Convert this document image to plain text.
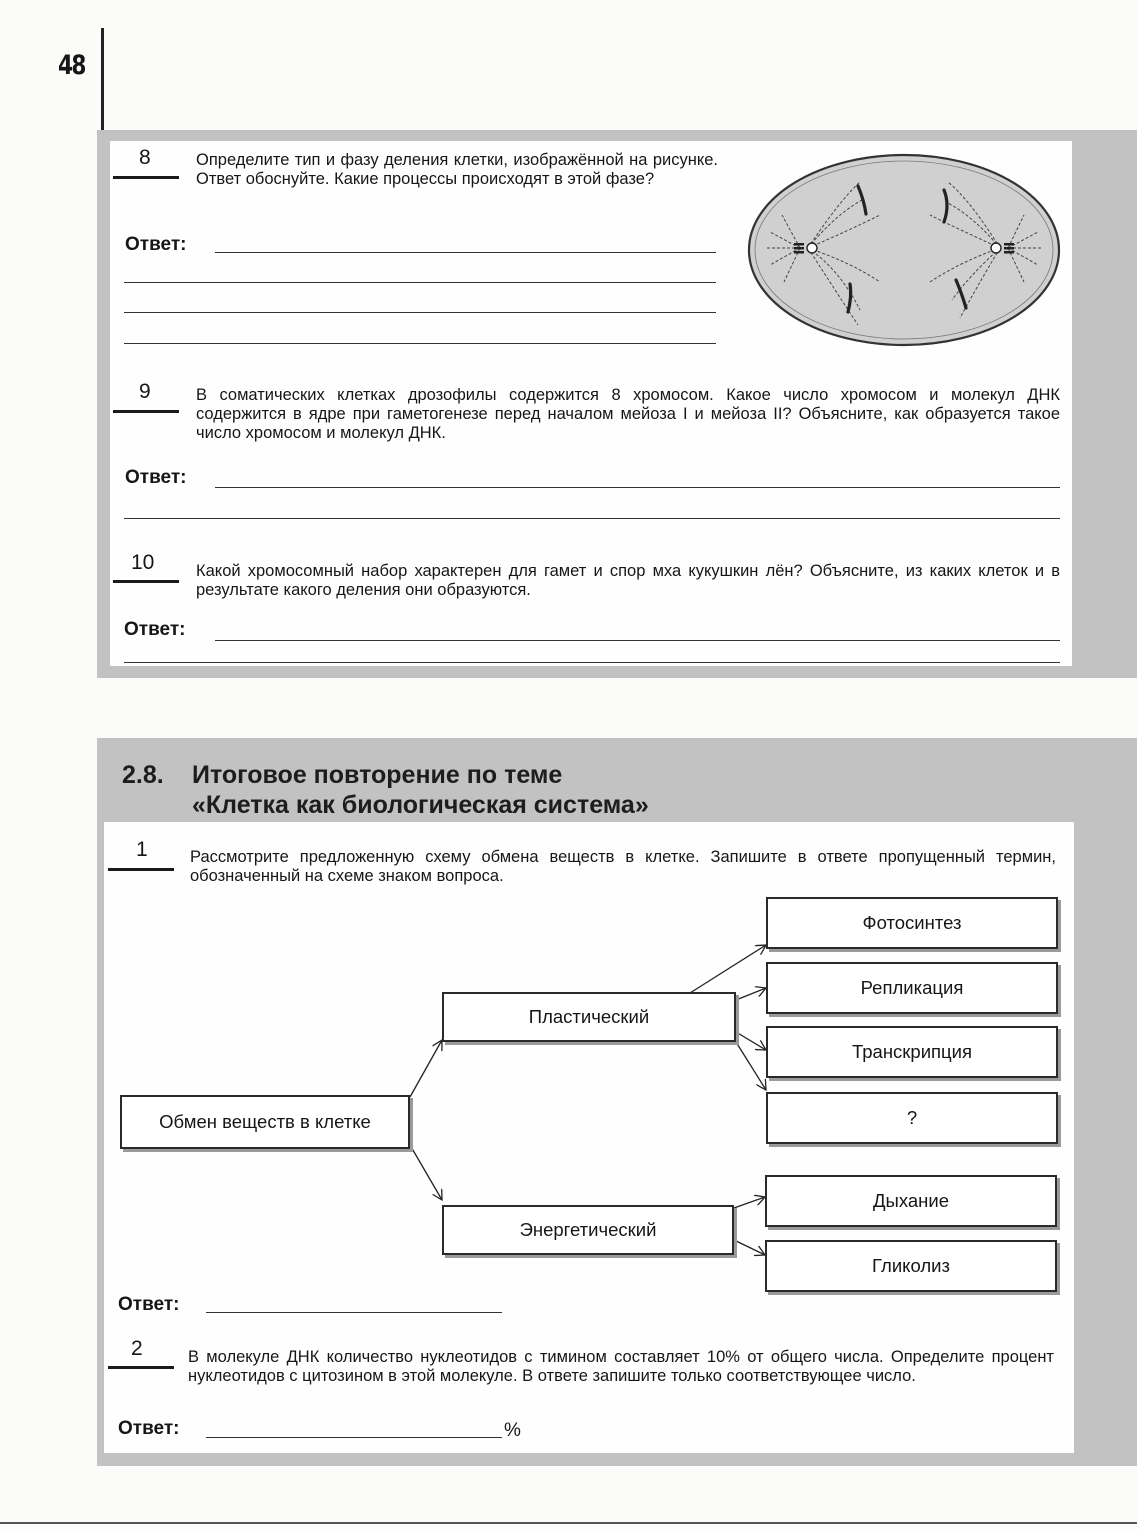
48
8	Определите тип и фазу деления клетки, изображённой на рисунке. Ответ обоснуйте. Какие процессы происходят в этой фазе?

Ответ:
9	В соматических клетках дрозофилы содержится 8 хромосом. Какое число хромосом и молекул ДНК содержится в ядре при гаметогенезе перед началом мейоза I и мейоза II? Объясните, как образуется такое число хромосом и молекул ДНК.

Ответ:
10	Какой хромосомный набор характерен для гамет и спор мха кукушкин лён? Объясните, из каких клеток и в результате какого деления они образуются.

Ответ:
2.8. Итоговое повторение по теме
«Клетка как биологическая система»
1	Рассмотрите предложенную схему обмена веществ в клетке. Запишите в ответе пропущенный термин, обозначенный на схеме знаком вопроса.

Обмен веществ в клетке
Пластический
Энергетический
Фотосинтез
Репликация
Транскрипция
?
Дыхание
Гликолиз
Ответ:
2	В молекуле ДНК количество нуклеотидов с тимином составляет 10% от общего числа. Определите процент нуклеотидов с цитозином в этой молекуле. В ответе запишите только соответствующее число.

Ответ:	%
